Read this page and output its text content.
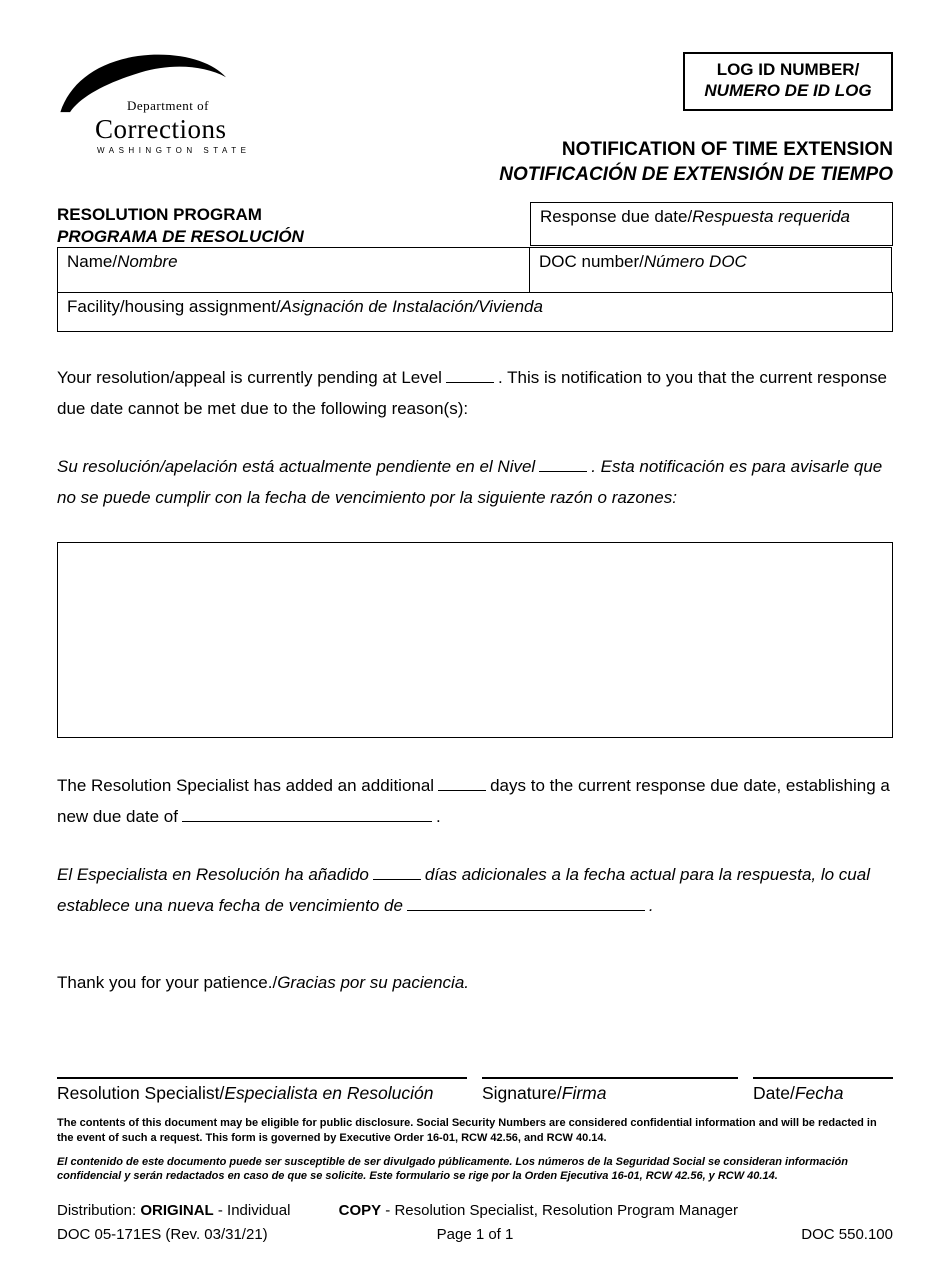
Department of
Corrections
WASHINGTON STATE
LOG ID NUMBER/
NUMERO DE ID LOG
NOTIFICATION OF TIME EXTENSION
NOTIFICACIÓN DE EXTENSIÓN DE TIEMPO
RESOLUTION PROGRAM
PROGRAMA DE RESOLUCIÓN
Response due date/Respuesta requerida
Name/Nombre	DOC number/Número DOC
Facility/housing assignment/Asignación de Instalación/Vivienda
Your resolution/appeal is currently pending at Level	. This is notification to you that the current response due date cannot be met due to the following reason(s):
Su resolución/apelación está actualmente pendiente en el Nivel	. Esta notificación es para avisarle que no se puede cumplir con la fecha de vencimiento por la siguiente razón o razones:
The Resolution Specialist has added an additional	days to the current response due date, establishing a new due date of	.
El Especialista en Resolución ha añadido	días adicionales a la fecha actual para la respuesta, lo cual establece una nueva fecha de vencimiento de	.
Thank you for your patience./Gracias por su paciencia.
Resolution Specialist/Especialista en Resolución	Signature/Firma	Date/Fecha
The contents of this document may be eligible for public disclosure. Social Security Numbers are considered confidential information and will be redacted in the event of such a request. This form is governed by Executive Order 16-01, RCW 42.56, and RCW 40.14.
El contenido de este documento puede ser susceptible de ser divulgado públicamente. Los números de la Seguridad Social se consideran información confidencial y serán redactados en caso de que se solicite. Este formulario se rige por la Orden Ejecutiva 16-01, RCW 42.56, y RCW 40.14.
Distribution: ORIGINAL - Individual	COPY - Resolution Specialist, Resolution Program Manager
DOC 05-171ES (Rev. 03/31/21)	Page 1 of 1	DOC 550.100
